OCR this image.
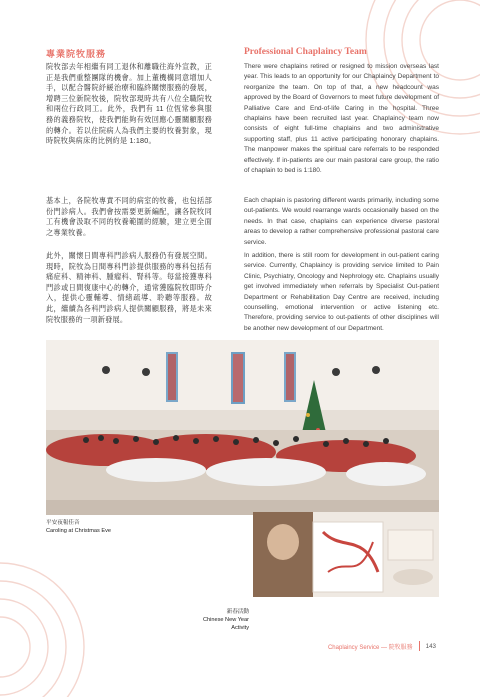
專業院牧服務	Professional Chaplaincy Team
院牧部去年相繼有同工退休和離職往海外宣教，正正是我們重整團隊的機會。加上董機構同意增加人手，以配合醫院紓緩治療和臨終關懷服務的發展，增聘三位新院牧後，院牧部現時共有八位全職院牧和兩位行政同工。此外，我們有 11 位恆常參與服務的義務院牧，使我們能夠有效回應心靈關顧服務的轉介。若以住院病人為我們主要的牧養對象，現時院牧與病床的比例約是 1:180。
基本上，各院牧專責不同的病室的牧養，也包括部份門診病人。我們會按需要更新編配，讓各院牧同工有機會汲取不同的牧養範圍的經驗，建立更全面之專業牧養。
此外，關懷日間專科門診病人服務仍有發展空間。現時，院牧為日間專科門診提供服務的專科包括有痛症科、精神科、腫瘤科、腎科等。每當接獲專科門診或日間復康中心的轉介，通常獲臨院牧即時介入，提供心靈輔導、情緒疏導、聆聽等服務。故此，繼續為各科門診病人提供關顧服務，將是未來院牧服務的一項新發展。
There were chaplains retired or resigned to mission overseas last year. This leads to an opportunity for our Chaplaincy Department to reorganize the team. On top of that, a new headcount was approved by the Board of Governors to meet future development of Palliative Care and End-of-life Caring in the hospital. Three chaplains have been recruited last year. Chaplaincy team now consists of eight full-time chaplains and two administrative supporting staff, plus 11 active participating honorary chaplains. The manpower makes the spiritual care referrals to be responded effectively. If in-patients are our main pastoral care group, the ratio of chaplain to bed is 1:180.
Each chaplain is pastoring different wards primarily, including some out-patients. We would rearrange wards occasionally based on the needs. In that case, chaplains can experience diverse pastoral areas to develop a rather comprehensive professional pastoral care service.
In addition, there is still room for development in out-patient caring service. Currently, Chaplaincy is providing service limited to Pain Clinic, Psychiatry, Oncology and Nephrology etc. Chaplains usually get involved immediately when referrals by Specialist Out-patient Department or Rehabilitation Day Centre are received, including counselling, emotional intervention or active listening etc. Therefore, providing service to out-patients of other disciplines will be another new development of our Department.
平安夜報佳音
Caroling at Christmas Eve
新春活動
Chinese New Year Activity
Chaplaincy Service — 院牧服務 143
